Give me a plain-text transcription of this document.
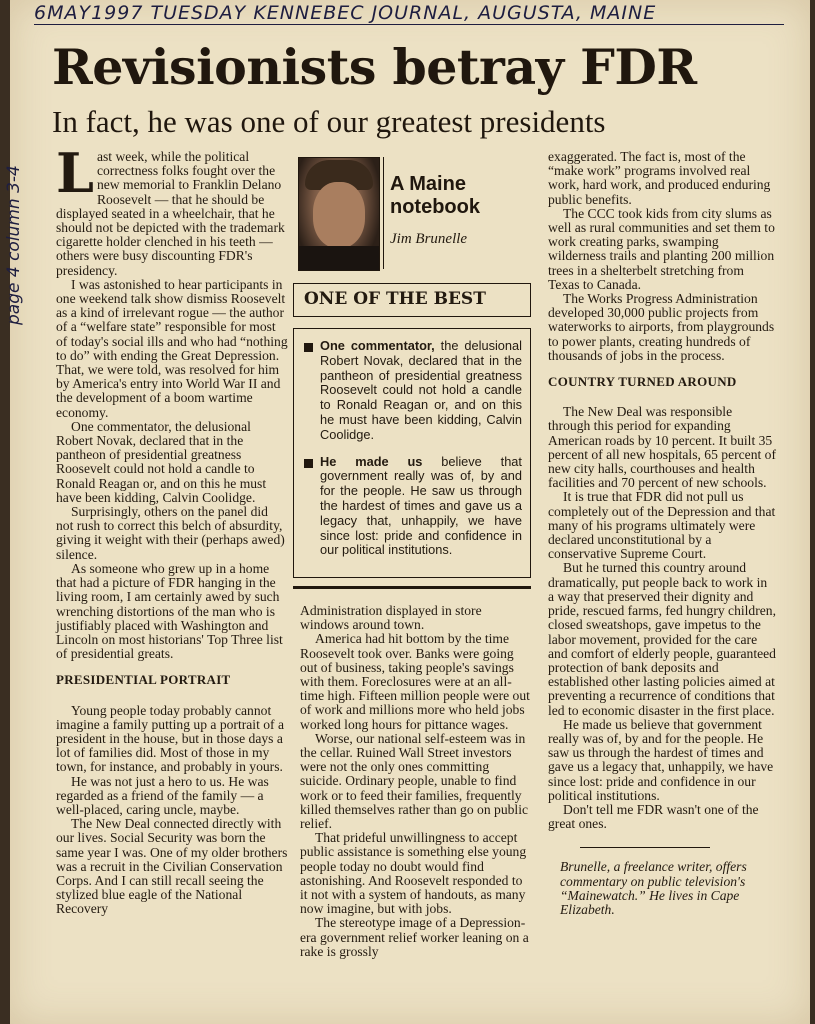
6MAY1997 TUESDAY KENNEBEC JOURNAL, AUGUSTA, MAINE
page 4 column 3-4
Revisionists betray FDR
In fact, he was one of our greatest presidents

Last week, while the political correctness folks fought over the new memorial to Franklin Delano Roosevelt — that he should be displayed seated in a wheelchair, that he should not be depicted with the trademark cigarette holder clenched in his teeth — others were busy discounting FDR's presidency.

I was astonished to hear participants in one weekend talk show dismiss Roosevelt as a kind of irrelevant rogue — the author of a “welfare state” responsible for most of today's social ills and who had “nothing to do” with ending the Great Depression. That, we were told, was resolved for him by America's entry into World War II and the development of a boom wartime economy.

One commentator, the delusional Robert Novak, declared that in the pantheon of presidential greatness Roosevelt could not hold a candle to Ronald Reagan or, and on this he must have been kidding, Calvin Coolidge.

Surprisingly, others on the panel did not rush to correct this belch of absurdity, giving it weight with their (perhaps awed) silence.

As someone who grew up in a home that had a picture of FDR hanging in the living room, I am certainly awed by such wrenching distortions of the man who is justifiably placed with Washington and Lincoln on most historians' Top Three list of presidential greats.

PRESIDENTIAL PORTRAIT

Young people today probably cannot imagine a family putting up a portrait of a president in the house, but in those days a lot of families did. Most of those in my town, for instance, and probably in yours.

He was not just a hero to us. He was regarded as a friend of the family — a well-placed, caring uncle, maybe.

The New Deal connected directly with our lives. Social Security was born the same year I was. One of my older brothers was a recruit in the Civilian Conservation Corps. And I can still recall seeing the stylized blue eagle of the National Recovery

A Maine notebook
Jim Brunelle
ONE OF THE BEST
One commentator, the delusional Robert Novak, declared that in the pantheon of presidential greatness Roosevelt could not hold a candle to Ronald Reagan or, and on this he must have been kidding, Calvin Coolidge.
He made us believe that government really was of, by and for the people. He saw us through the hardest of times and gave us a legacy that, unhappily, we have since lost: pride and confidence in our political institutions.

Administration displayed in store windows around town.

America had hit bottom by the time Roosevelt took over. Banks were going out of business, taking people's savings with them. Foreclosures were at an all-time high. Fifteen million people were out of work and millions more who held jobs worked long hours for pittance wages.

Worse, our national self-esteem was in the cellar. Ruined Wall Street investors were not the only ones committing suicide. Ordinary people, unable to find work or to feed their families, frequently killed themselves rather than go on public relief.

That prideful unwillingness to accept public assistance is something else young people today no doubt would find astonishing. And Roosevelt responded to it not with a system of handouts, as many now imagine, but with jobs.

The stereotype image of a Depression-era government relief worker leaning on a rake is grossly

exaggerated. The fact is, most of the “make work” programs involved real work, hard work, and produced enduring public benefits.

The CCC took kids from city slums as well as rural communities and set them to work creating parks, swamping wilderness trails and planting 200 million trees in a shelterbelt stretching from Texas to Canada.

The Works Progress Administration developed 30,000 public projects from waterworks to airports, from playgrounds to power plants, creating hundreds of thousands of jobs in the process.

COUNTRY TURNED AROUND

The New Deal was responsible through this period for expanding American roads by 10 percent. It built 35 percent of all new hospitals, 65 percent of new city halls, courthouses and health facilities and 70 percent of new schools.

It is true that FDR did not pull us completely out of the Depression and that many of his programs ultimately were declared unconstitutional by a conservative Supreme Court.

But he turned this country around dramatically, put people back to work in a way that preserved their dignity and pride, rescued farms, fed hungry children, closed sweatshops, gave impetus to the labor movement, provided for the care and comfort of elderly people, guaranteed protection of bank deposits and established other lasting policies aimed at preventing a recurrence of conditions that led to economic disaster in the first place.

He made us believe that government really was of, by and for the people. He saw us through the hardest of times and gave us a legacy that, unhappily, we have since lost: pride and confidence in our political institutions.

Don't tell me FDR wasn't one of the great ones.

Brunelle, a freelance writer, offers commentary on public television's “Mainewatch.” He lives in Cape Elizabeth.
